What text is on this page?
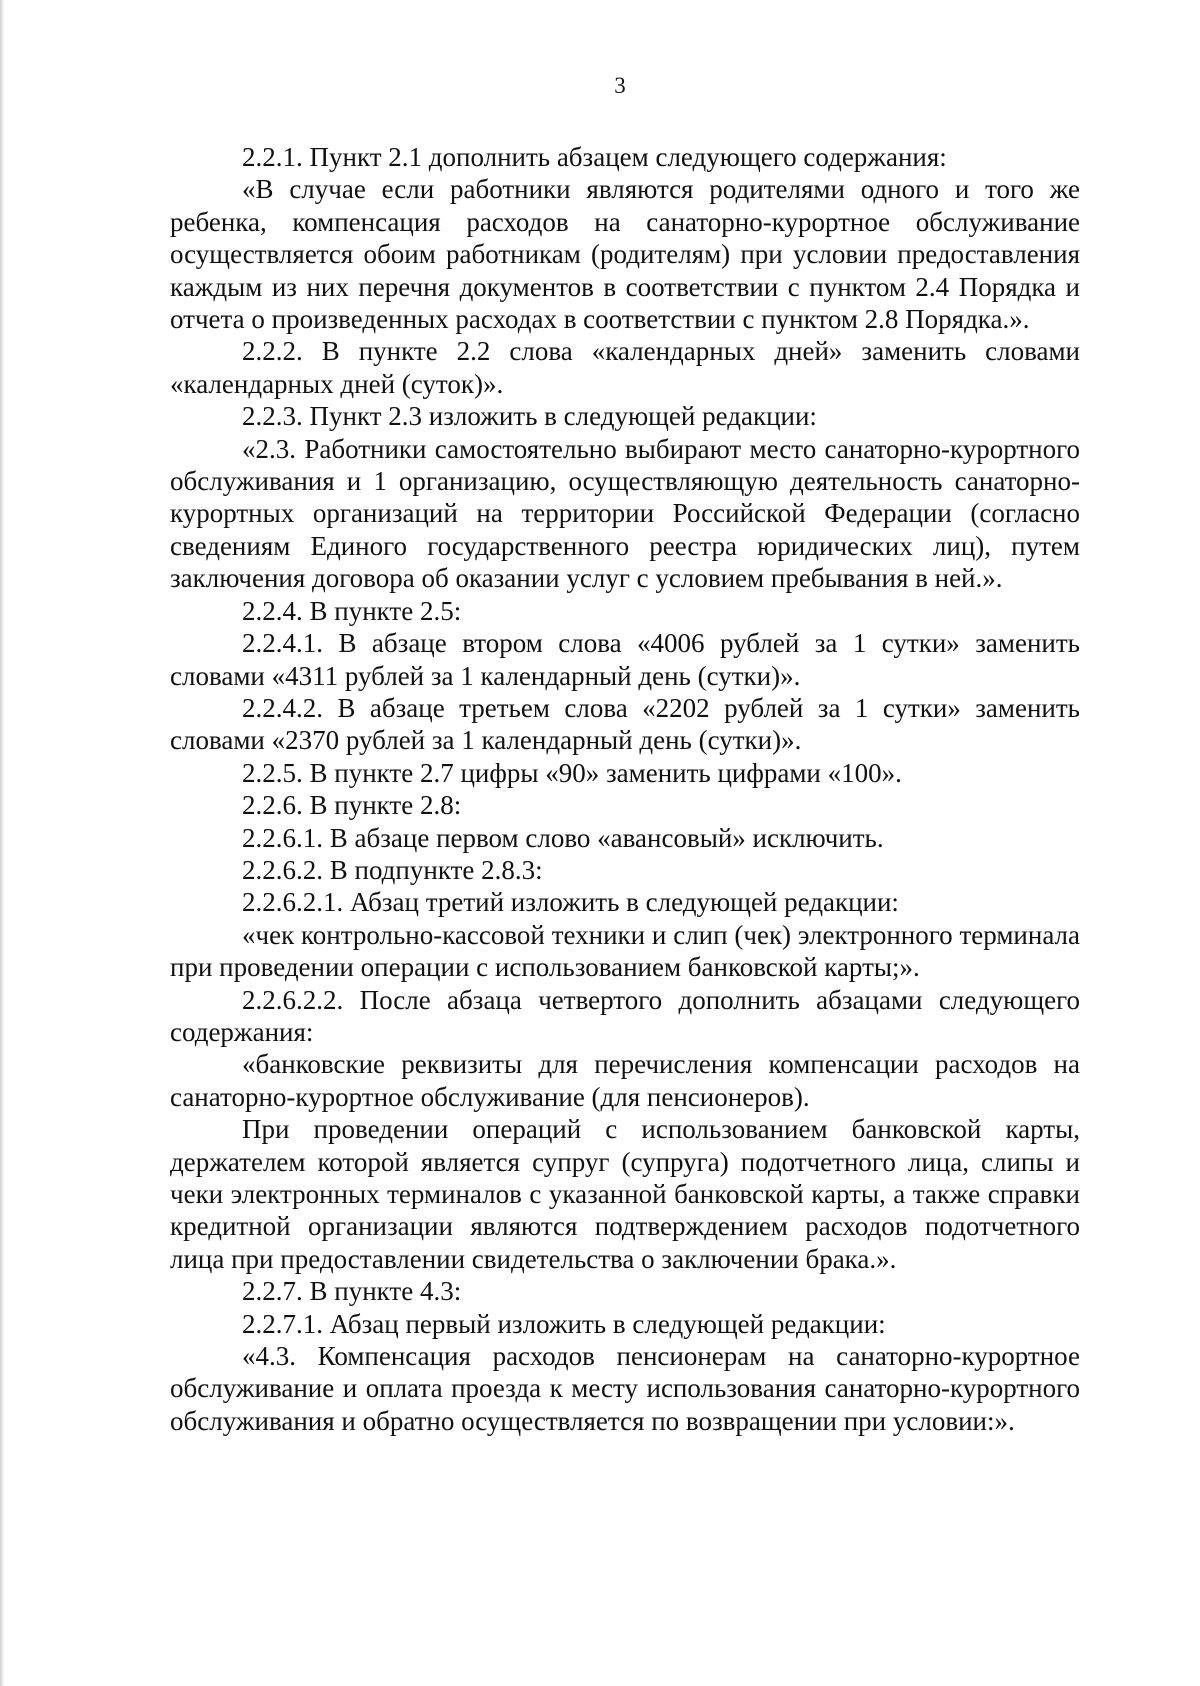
3

2.2.1. Пункт 2.1 дополнить абзацем следующего содержания:

«В случае если работники являются родителями одного и того же ребенка, компенсация расходов на санаторно-курортное обслуживание осуществляется обоим работникам (родителям) при условии предоставления каждым из них перечня документов в соответствии с пунктом 2.4 Порядка и отчета о произведенных расходах в соответствии с пунктом 2.8 Порядка.».

2.2.2. В пункте 2.2 слова «календарных дней» заменить словами «календарных дней (суток)».

2.2.3. Пункт 2.3 изложить в следующей редакции:

«2.3. Работники самостоятельно выбирают место санаторно-курортного обслуживания и 1 организацию, осуществляющую деятельность санаторно-курортных организаций на территории Российской Федерации (согласно сведениям Единого государственного реестра юридических лиц), путем заключения договора об оказании услуг с условием пребывания в ней.».

2.2.4. В пункте 2.5:

2.2.4.1. В абзаце втором слова «4006 рублей за 1 сутки» заменить словами «4311 рублей за 1 календарный день (сутки)».

2.2.4.2. В абзаце третьем слова «2202 рублей за 1 сутки» заменить словами «2370 рублей за 1 календарный день (сутки)».

2.2.5. В пункте 2.7 цифры «90» заменить цифрами «100».

2.2.6. В пункте 2.8:

2.2.6.1. В абзаце первом слово «авансовый» исключить.

2.2.6.2. В подпункте 2.8.3:

2.2.6.2.1. Абзац третий изложить в следующей редакции:

«чек контрольно-кассовой техники и слип (чек) электронного терминала при проведении операции с использованием банковской карты;».

2.2.6.2.2. После абзаца четвертого дополнить абзацами следующего содержания:

«банковские реквизиты для перечисления компенсации расходов на санаторно-курортное обслуживание (для пенсионеров).

При проведении операций с использованием банковской карты, держателем которой является супруг (супруга) подотчетного лица, слипы и чеки электронных терминалов с указанной банковской карты, а также справки кредитной организации являются подтверждением расходов подотчетного лица при предоставлении свидетельства о заключении брака.».

2.2.7. В пункте 4.3:

2.2.7.1. Абзац первый изложить в следующей редакции:

«4.3. Компенсация расходов пенсионерам на санаторно-курортное обслуживание и оплата проезда к месту использования санаторно-курортного обслуживания и обратно осуществляется по возвращении при условии:».
